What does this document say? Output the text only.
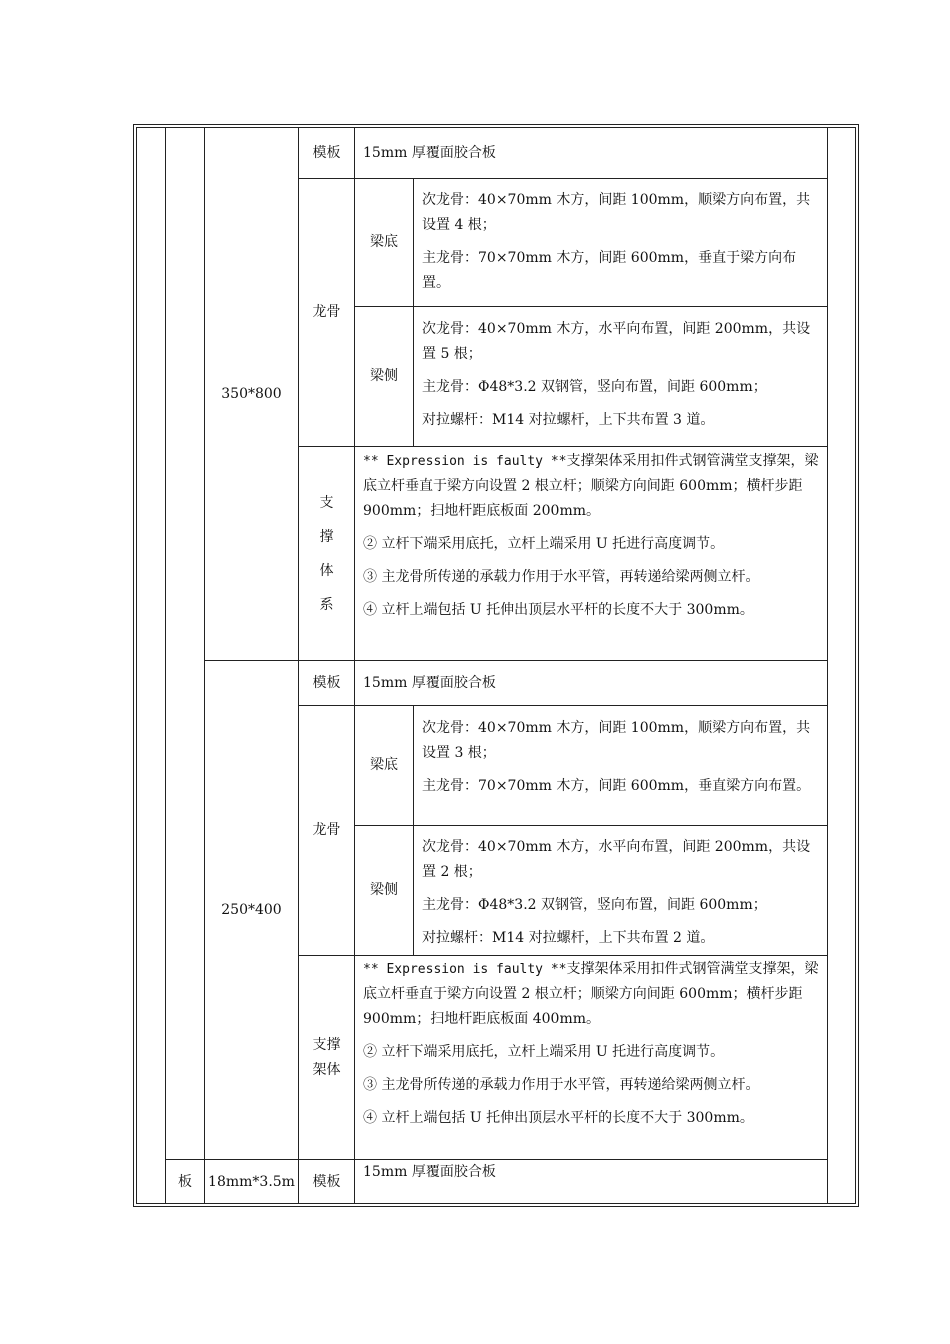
350*800
模板 15mm 厚覆面胶合板
龙骨
梁底

次龙骨：40×70mm 木方，间距 100mm，顺梁方向布置，共设置 4 根；

主龙骨：70×70mm 木方，间距 600mm，垂直于梁方向布置。

梁侧

次龙骨：40×70mm 木方，水平向布置，间距 200mm，共设置 5 根；

主龙骨：Φ48*3.2 双钢管，竖向布置，间距 600mm；

对拉螺杆：M14 对拉螺杆，上下共布置 3 道。

支撑体系

** Expression is faulty **支撑架体采用扣件式钢管满堂支撑架，梁底立杆垂直于梁方向设置 2 根立杆；顺梁方向间距 600mm；横杆步距 900mm；扫地杆距底板面 200mm。

② 立杆下端采用底托，立杆上端采用 U 托进行高度调节。

③ 主龙骨所传递的承载力作用于水平管，再转递给梁两侧立杆。

④ 立杆上端包括 U 托伸出顶层水平杆的长度不大于 300mm。

250*400
模板 15mm 厚覆面胶合板
龙骨
梁底

次龙骨：40×70mm 木方，间距 100mm，顺梁方向布置，共设置 3 根；

主龙骨：70×70mm 木方，间距 600mm，垂直梁方向布置。

梁侧

次龙骨：40×70mm 木方，水平向布置，间距 200mm，共设置 2 根；

主龙骨：Φ48*3.2 双钢管，竖向布置，间距 600mm；

对拉螺杆：M14 对拉螺杆，上下共布置 2 道。

支撑架体

** Expression is faulty **支撑架体采用扣件式钢管满堂支撑架，梁底立杆垂直于梁方向设置 2 根立杆；顺梁方向间距 600mm；横杆步距 900mm；扫地杆距底板面 400mm。

② 立杆下端采用底托，立杆上端采用 U 托进行高度调节。

③ 主龙骨所传递的承载力作用于水平管，再转递给梁两侧立杆。

④ 立杆上端包括 U 托伸出顶层水平杆的长度不大于 300mm。

板 18mm*3.5m 模板
15mm 厚覆面胶合板
